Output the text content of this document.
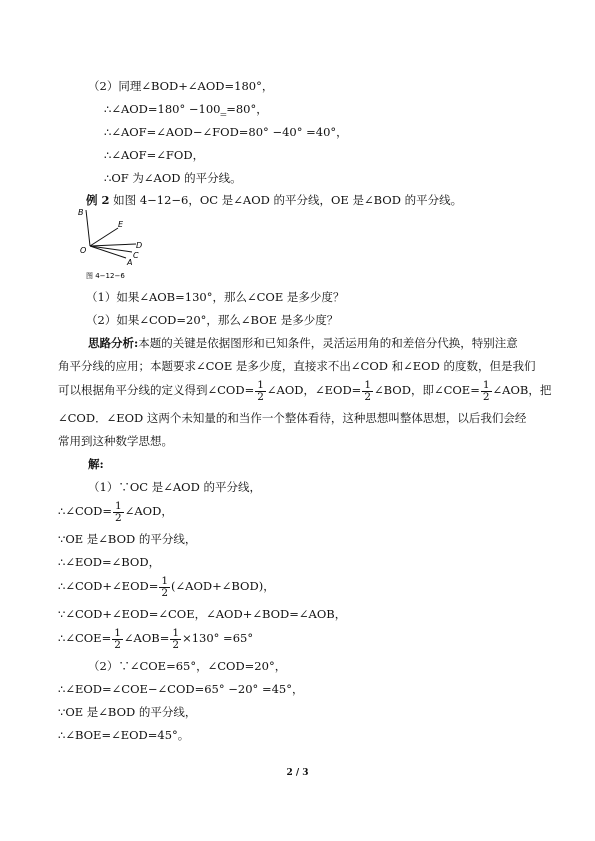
（2）同理∠BOD+∠AOD=180°，
∴∠AOD=180° −100‗=80°，
∴∠AOF=∠AOD−∠FOD=80° −40° =40°，
∴∠AOF=∠FOD，
∴OF 为∠AOD 的平分线。
例 2 如图 4−12−6，OC 是∠AOD 的平分线，OE 是∠BOD 的平分线。
B
E
O
D
C
A
图 4−12−6
（1）如果∠AOB=130°，那么∠COE 是多少度？
（2）如果∠COD=20°，那么∠BOE 是多少度？
思路分析:本题的关键是依据图形和已知条件，灵活运用角的和差倍分代换，特别注意
角平分线的应用；本题要求∠COE 是多少度，直接求不出∠COD 和∠EOD 的度数，但是我们
可以根据角平分线的定义得到∠COD= $\frac{1}{2}$ ∠AOD，∠EOD= $\frac{1}{2}$ ∠BOD，即∠COE= $\frac{1}{2}$ ∠AOB，把
∠COD．∠EOD 这两个未知量的和当作一个整体看待，这种思想叫整体思想，以后我们会经
常用到这种数学思想。
解:
（1）∵OC 是∠AOD 的平分线，
∴∠COD= $\frac{1}{2}$ ∠AOD，
∵OE 是∠BOD 的平分线，
∴∠EOD=∠BOD，
∴∠COD+∠EOD= $\frac{1}{2}$ (∠AOD+∠BOD)，
∵∠COD+∠EOD=∠COE，∠AOD+∠BOD=∠AOB，
∴∠COE= $\frac{1}{2}$ ∠AOB= $\frac{1}{2} \times 130^\circ =65^\circ$
（2）∵∠COE=65°，∠COD=20°，
∴∠EOD=∠COE−∠COD=65° −20° =45°，
∵OE 是∠BOD 的平分线，
∴∠BOE=∠EOD=45°。
2 / 3
